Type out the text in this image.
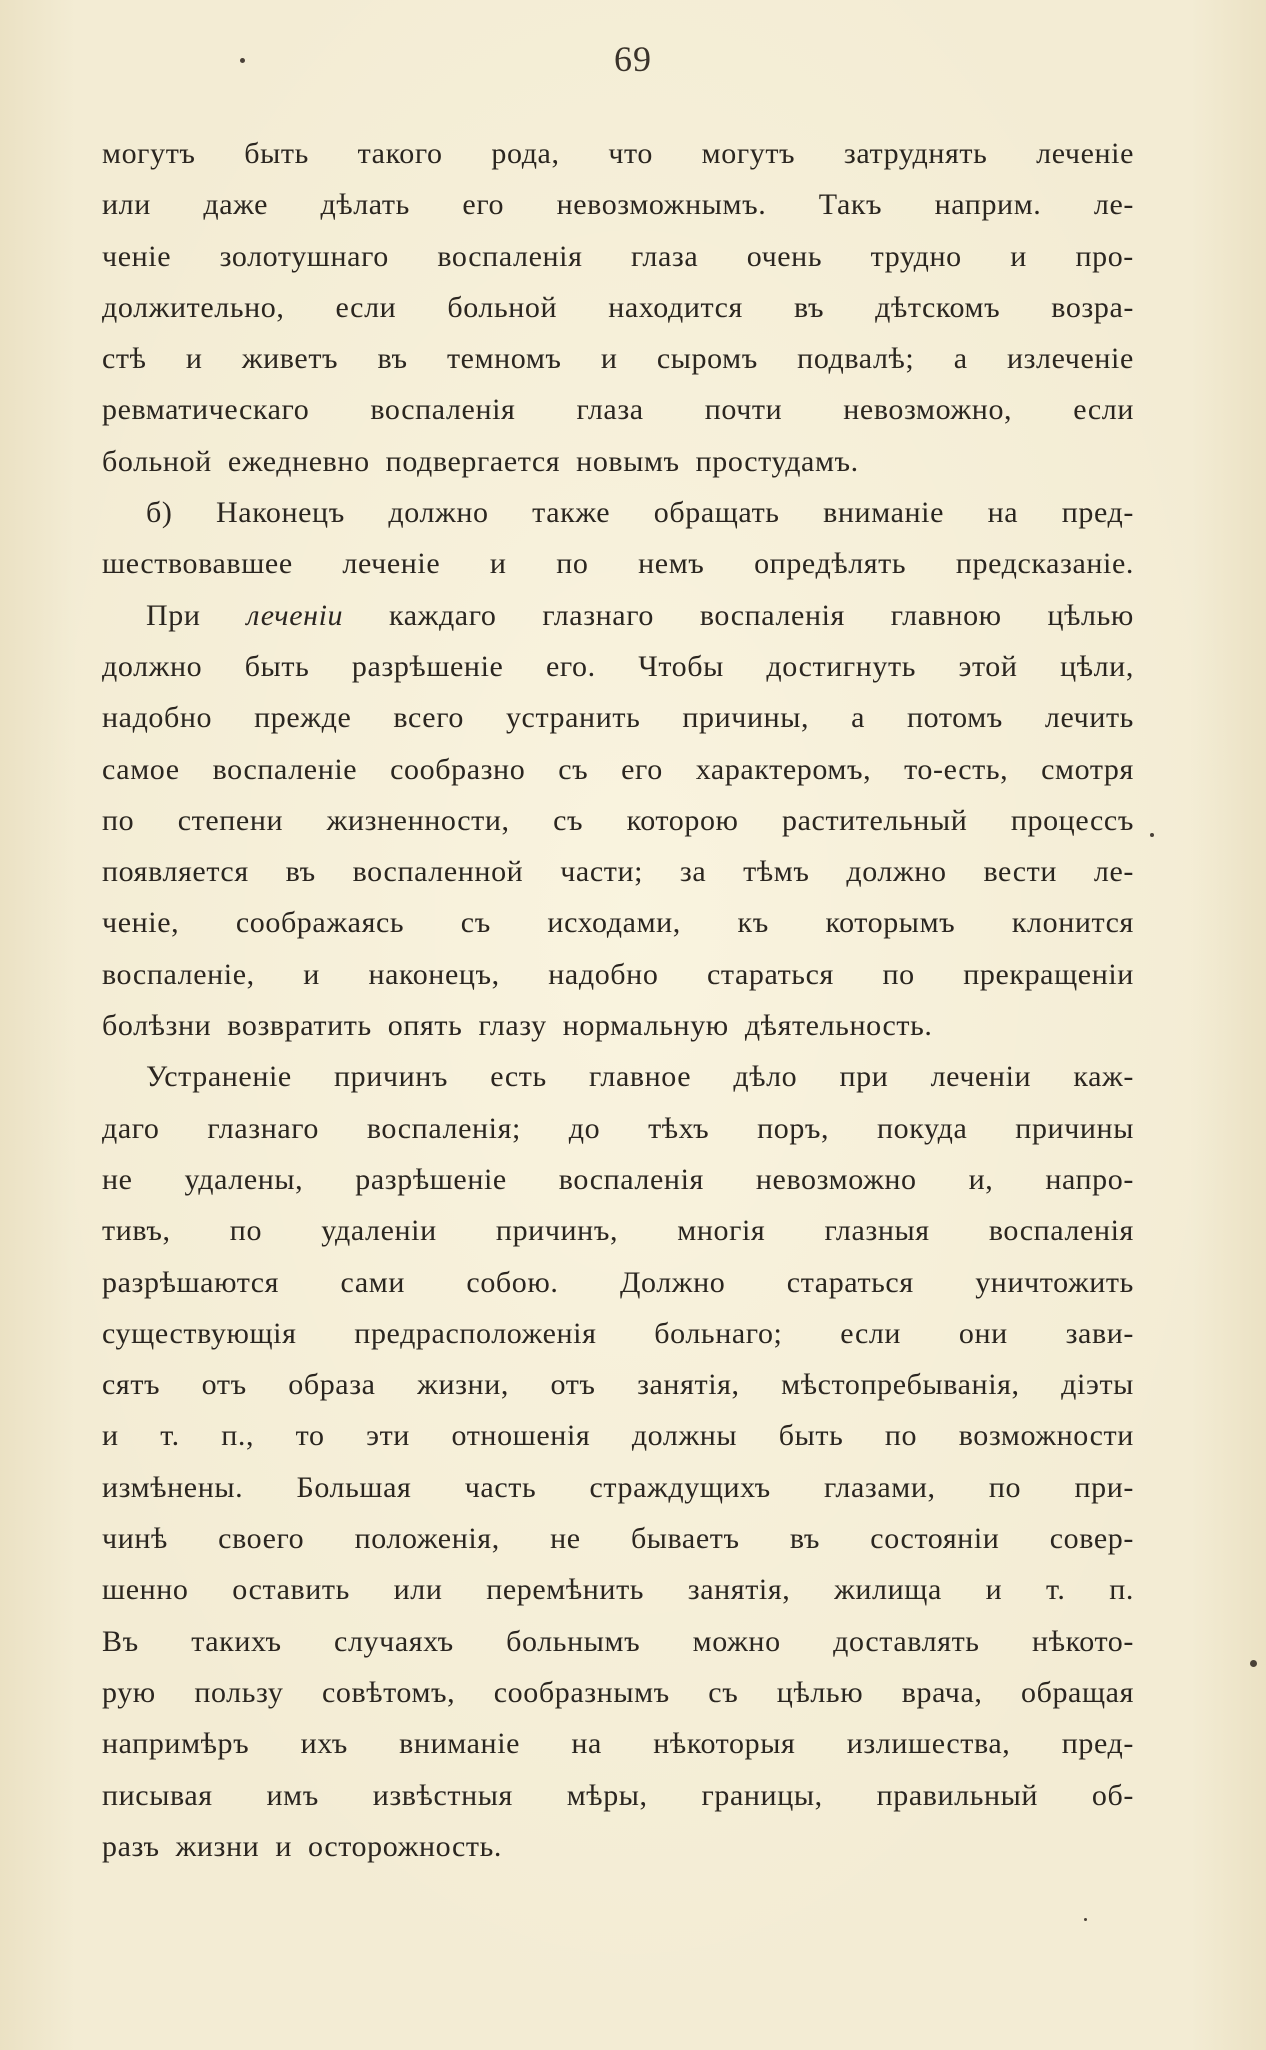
69
могутъ быть такого рода, что могутъ затруднять леченіе
или даже дѣлать его невозможнымъ. Такъ наприм. ле-
ченіе золотушнаго воспаленія глаза очень трудно и про-
должительно, если больной находится въ дѣтскомъ возра-
стѣ и живетъ въ темномъ и сыромъ подвалѣ; а излеченіе
ревматическаго воспаленія глаза почти невозможно, если
больной ежедневно подвергается новымъ простудамъ.
б) Наконецъ должно также обращать вниманіе на пред-
шествовавшее леченіе и по немъ опредѣлять предсказаніе.
При леченіи каждаго глазнаго воспаленія главною цѣлью
должно быть разрѣшеніе его. Чтобы достигнуть этой цѣли,
надобно прежде всего устранить причины, а потомъ лечить
самое воспаленіе сообразно съ его характеромъ, то-есть, смотря
по степени жизненности, съ которою растительный процессъ
появляется въ воспаленной части; за тѣмъ должно вести ле-
ченіе, соображаясь съ исходами, къ которымъ клонится
воспаленіе, и наконецъ, надобно стараться по прекращеніи
болѣзни возвратить опять глазу нормальную дѣятельность.
Устраненіе причинъ есть главное дѣло при леченіи каж-
даго глазнаго воспаленія; до тѣхъ поръ, покуда причины
не удалены, разрѣшеніе воспаленія невозможно и, напро-
тивъ, по удаленіи причинъ, многія глазныя воспаленія
разрѣшаются сами собою. Должно стараться уничтожить
существующія предрасположенія больнаго; если они зави-
сятъ отъ образа жизни, отъ занятія, мѣстопребыванія, діэты
и т. п., то эти отношенія должны быть по возможности
измѣнены. Большая часть страждущихъ глазами, по при-
чинѣ своего положенія, не бываетъ въ состояніи совер-
шенно оставить или перемѣнить занятія, жилища и т. п.
Въ такихъ случаяхъ больнымъ можно доставлять нѣкото-
рую пользу совѣтомъ, сообразнымъ съ цѣлью врача, обращая
напримѣръ ихъ вниманіе на нѣкоторыя излишества, пред-
писывая имъ извѣстныя мѣры, границы, правильный об-
разъ жизни и осторожность.
